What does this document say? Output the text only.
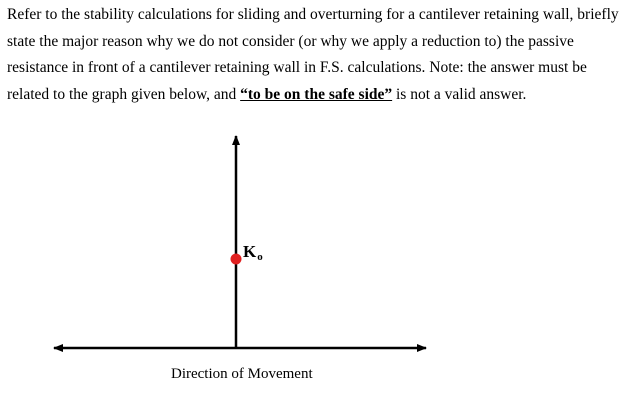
Refer to the stability calculations for sliding and overturning for a cantilever retaining wall, briefly state the major reason why we do not consider (or why we apply a reduction to) the passive resistance in front of a cantilever retaining wall in F.S. calculations. Note: the answer must be related to the graph given below, and “to be on the safe side” is not a valid answer.

$K_o$
Direction of Movement
